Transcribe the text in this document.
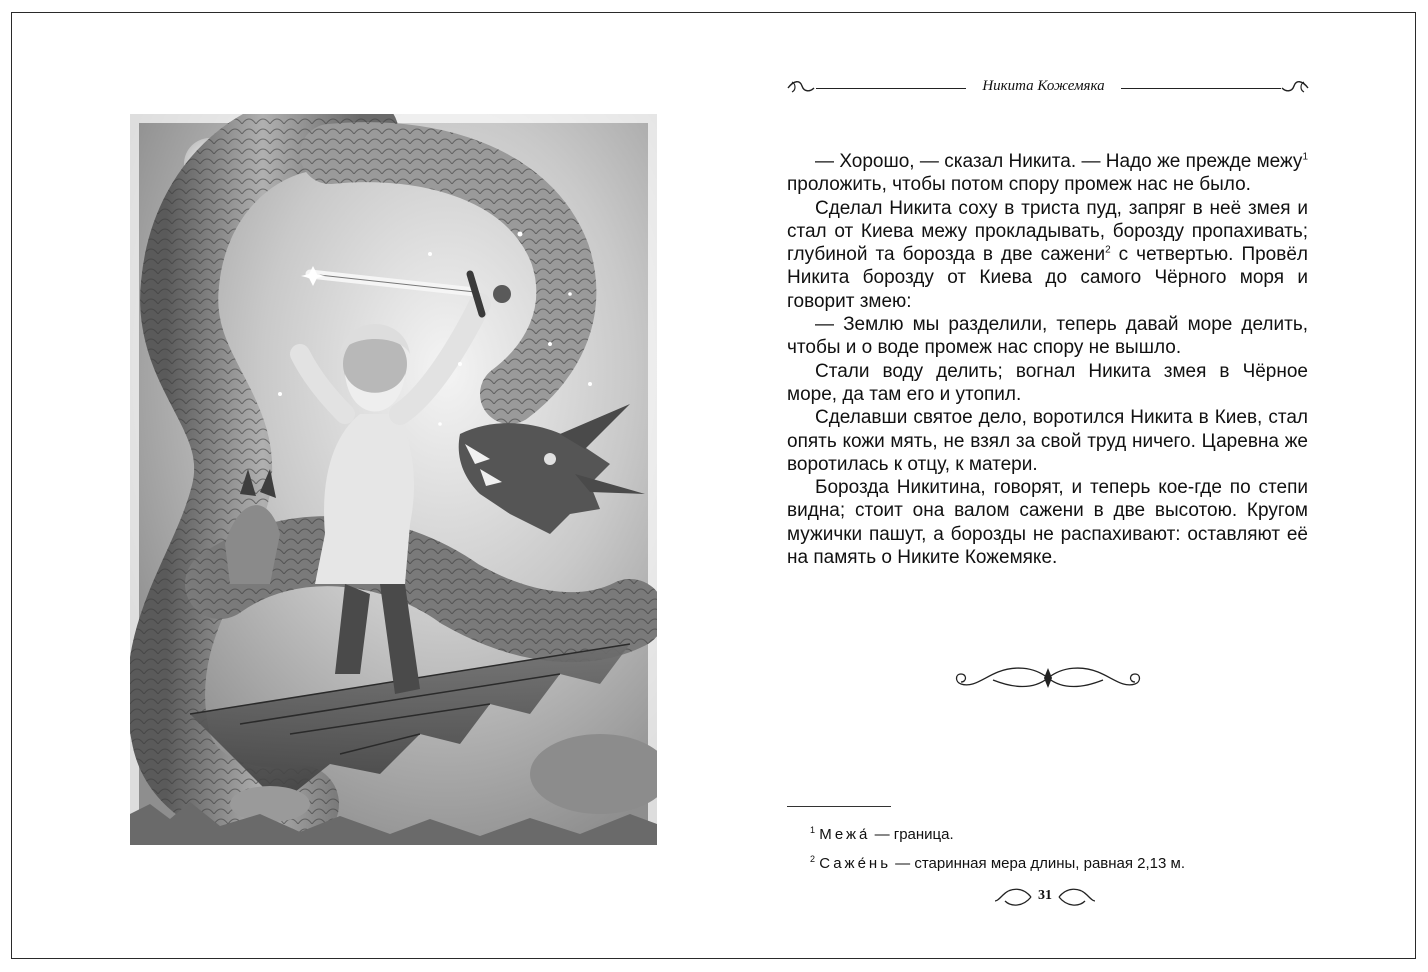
Никита Кожемяка

— Хорошо, — сказал Никита. — Надо же прежде межу$^1$ проложить, чтобы потом спору промеж нас не было.

Сделал Никита соху в триста пуд, запряг в неё змея и стал от Киева межу прокладывать, борозду пропахивать; глубиной та борозда в две сажени$^2$ с четвертью. Провёл Никита борозду от Киева до самого Чёрного моря и говорит змею:

— Землю мы разделили, теперь давай море делить, чтобы и о воде промеж нас спору не вышло.

Стали воду делить; вогнал Никита змея в Чёрное море, да там его и утопил.

Сделавши святое дело, воротился Никита в Киев, стал опять кожи мять, не взял за свой труд ничего. Царевна же воротилась к отцу, к матери.

Борозда Никитина, говорят, и теперь кое-где по степи видна; стоит она валом сажени в две высотою. Кругом мужички пашут, а борозды не распахивают: оставляют её на память о Никите Кожемяке.

$^1$ Межа́ — граница.

$^2$ Саже́нь — старинная мера длины, равная 2,13 м.

31
